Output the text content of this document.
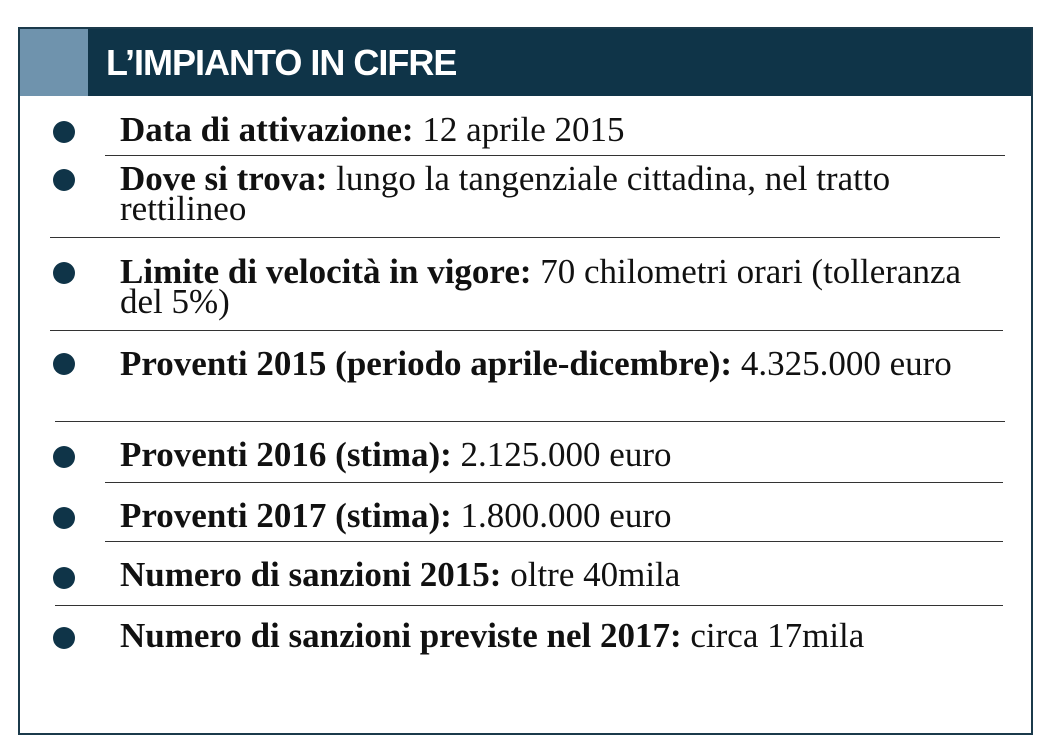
L’IMPIANTO IN CIFRE
Data di attivazione: 12 aprile 2015
Dove si trova: lungo la tangenziale cittadina, nel tratto rettilineo
Limite di velocità in vigore: 70 chilometri orari (tolleranza del 5%)
Proventi 2015 (periodo aprile-dicembre): 4.325.000 euro
Proventi 2016 (stima): 2.125.000 euro
Proventi 2017 (stima): 1.800.000 euro
Numero di sanzioni 2015: oltre 40mila
Numero di sanzioni previste nel 2017: circa 17mila
